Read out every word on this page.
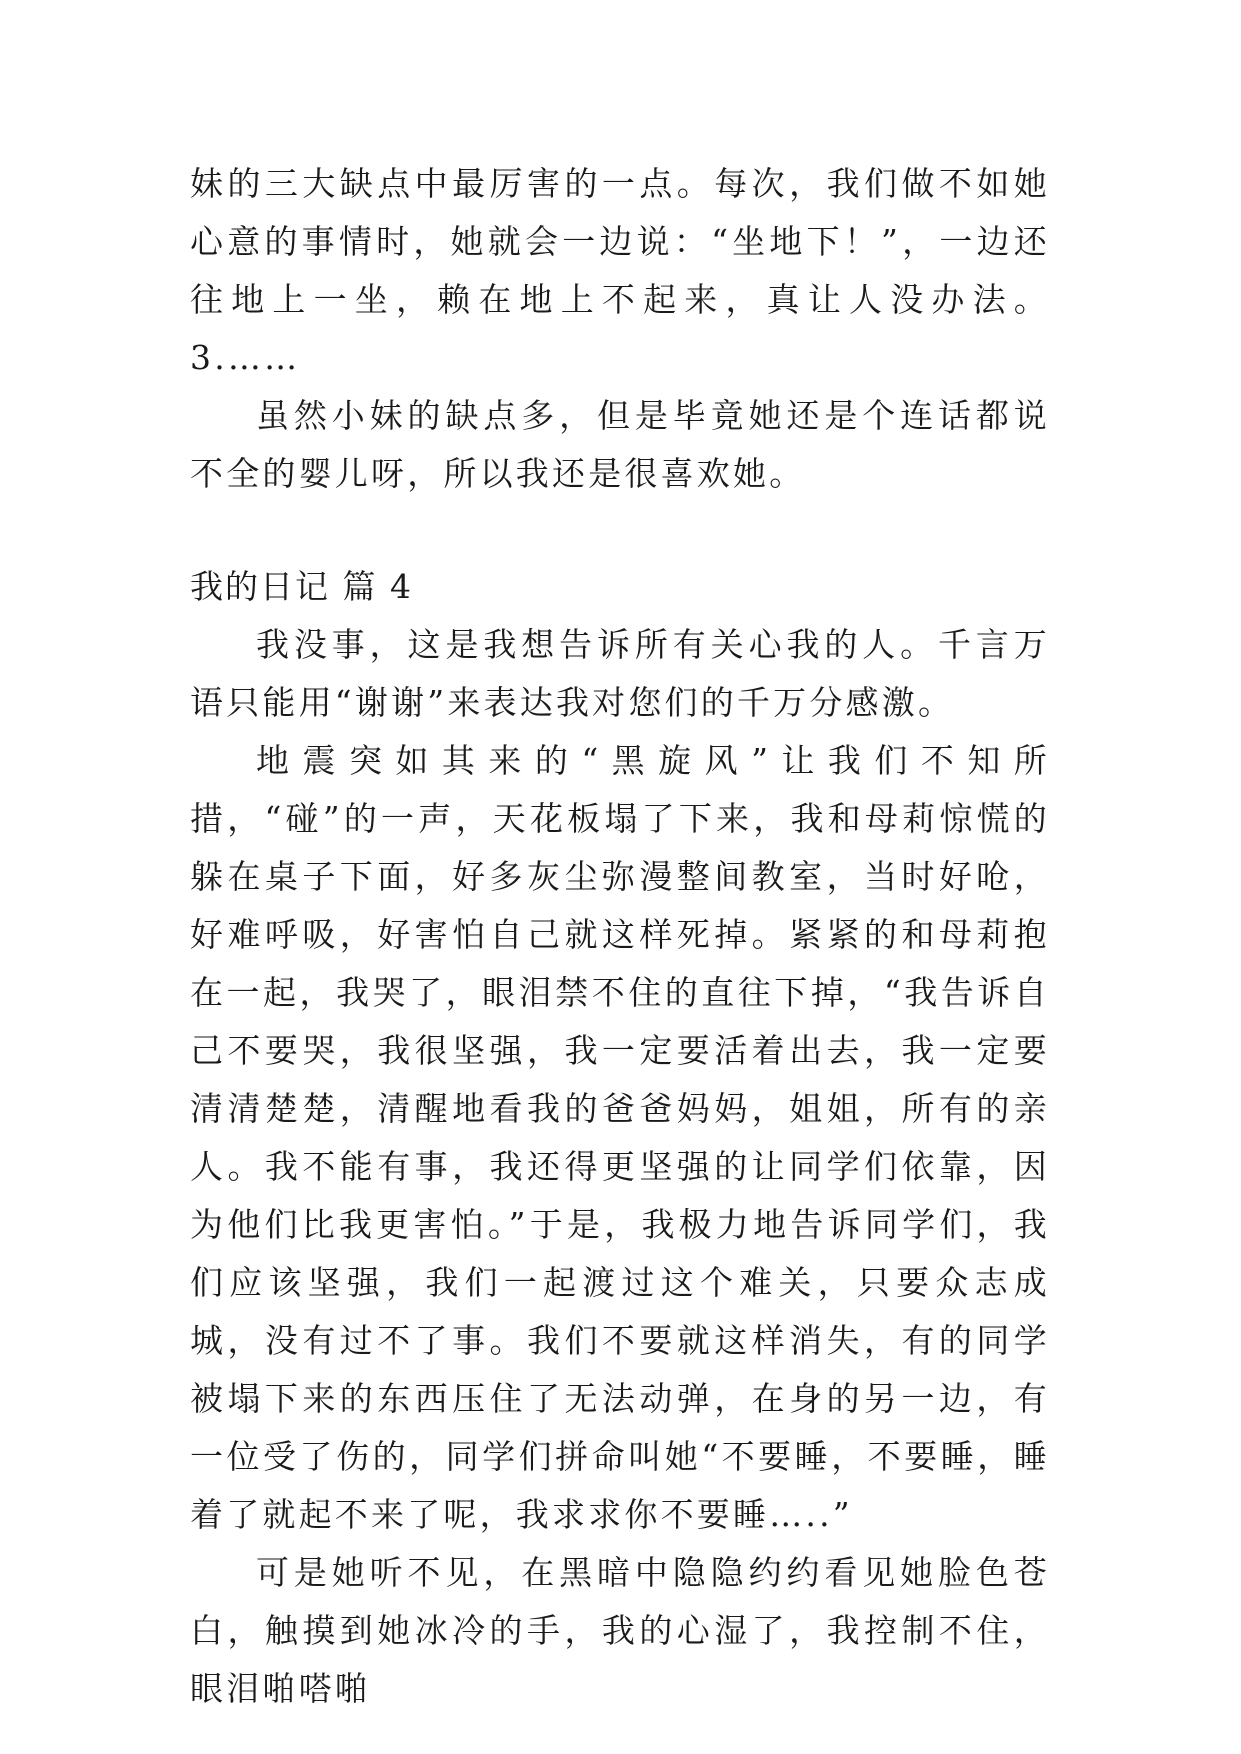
妹的三大缺点中最厉害的一点。每次，我们做不如她心意的事情时，她就会一边说：“坐地下！”，一边还往地上一坐，赖在地上不起来，真让人没办法。 3.……

虽然小妹的缺点多，但是毕竟她还是个连话都说不全的婴儿呀，所以我还是很喜欢她。

我的日记 篇 4

我没事，这是我想告诉所有关心我的人。千言万语只能用“谢谢”来表达我对您们的千万分感激。

地震突如其来的“黑旋风”让我们不知所措，“碰”的一声，天花板塌了下来，我和母莉惊慌的躲在桌子下面，好多灰尘弥漫整间教室，当时好呛，好难呼吸，好害怕自己就这样死掉。紧紧的和母莉抱在一起，我哭了，眼泪禁不住的直往下掉，“我告诉自己不要哭，我很坚强，我一定要活着出去，我一定要清清楚楚，清醒地看我的爸爸妈妈，姐姐，所有的亲人。我不能有事，我还得更坚强的让同学们依靠，因为他们比我更害怕。”于是，我极力地告诉同学们，我们应该坚强，我们一起渡过这个难关，只要众志成城，没有过不了事。我们不要就这样消失，有的同学被塌下来的东西压住了无法动弹，在身的另一边，有一位受了伤的，同学们拼命叫她“不要睡，不要睡，睡着了就起不来了呢，我求求你不要睡…..”

可是她听不见，在黑暗中隐隐约约看见她脸色苍白，触摸到她冰冷的手，我的心湿了，我控制不住，眼泪啪嗒啪
